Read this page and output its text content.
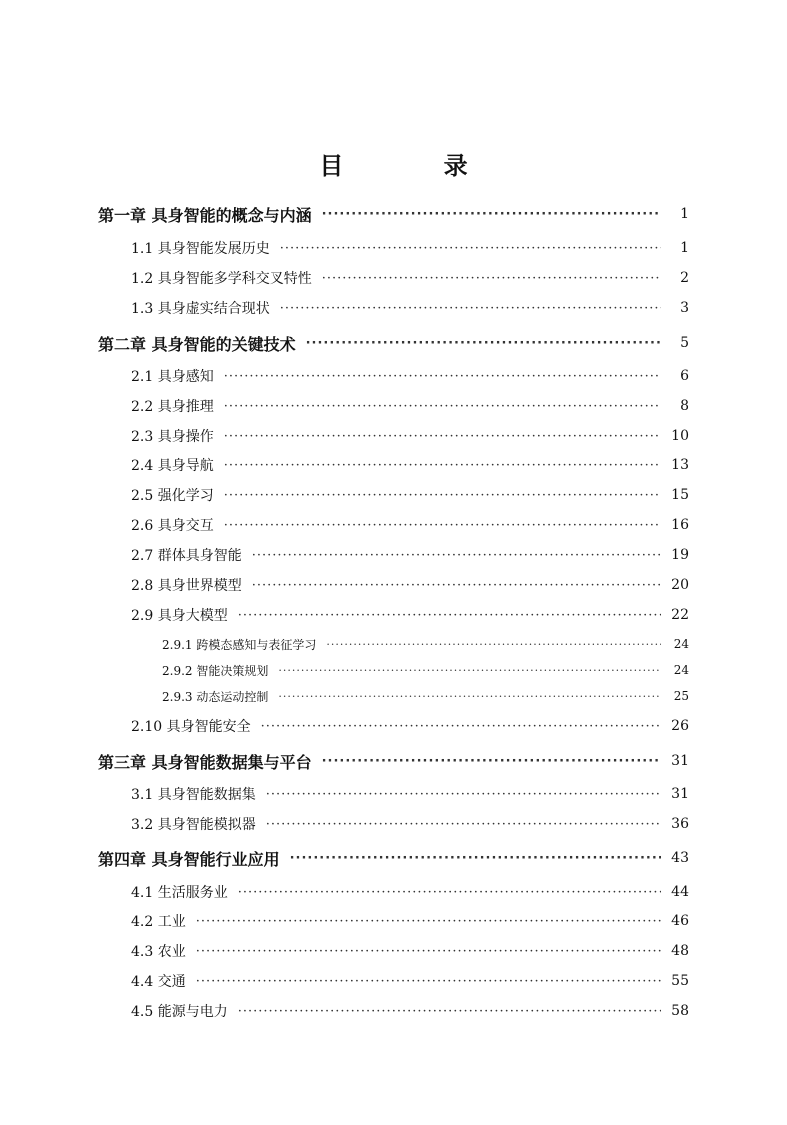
目 录
第一章 具身智能的概念与内涵 ·····	1
1.1 具身智能发展历史 ·····	1
1.2 具身智能多学科交叉特性 ·····	2
1.3 具身虚实结合现状 ·····	3
第二章 具身智能的关键技术 ·····	5
2.1 具身感知 ·····	6
2.2 具身推理 ·····	8
2.3 具身操作 ·····	10
2.4 具身导航 ·····	13
2.5 强化学习 ·····	15
2.6 具身交互 ·····	16
2.7 群体具身智能 ·····	19
2.8 具身世界模型 ·····	20
2.9 具身大模型 ·····	22
2.9.1 跨模态感知与表征学习 ·····	24
2.9.2 智能决策规划 ·····	24
2.9.3 动态运动控制 ·····	25
2.10 具身智能安全 ·····	26
第三章 具身智能数据集与平台 ·····	31
3.1 具身智能数据集 ·····	31
3.2 具身智能模拟器 ·····	36
第四章 具身智能行业应用 ·····	43
4.1 生活服务业 ·····	44
4.2 工业 ·····	46
4.3 农业 ·····	48
4.4 交通 ·····	55
4.5 能源与电力 ·····	58
